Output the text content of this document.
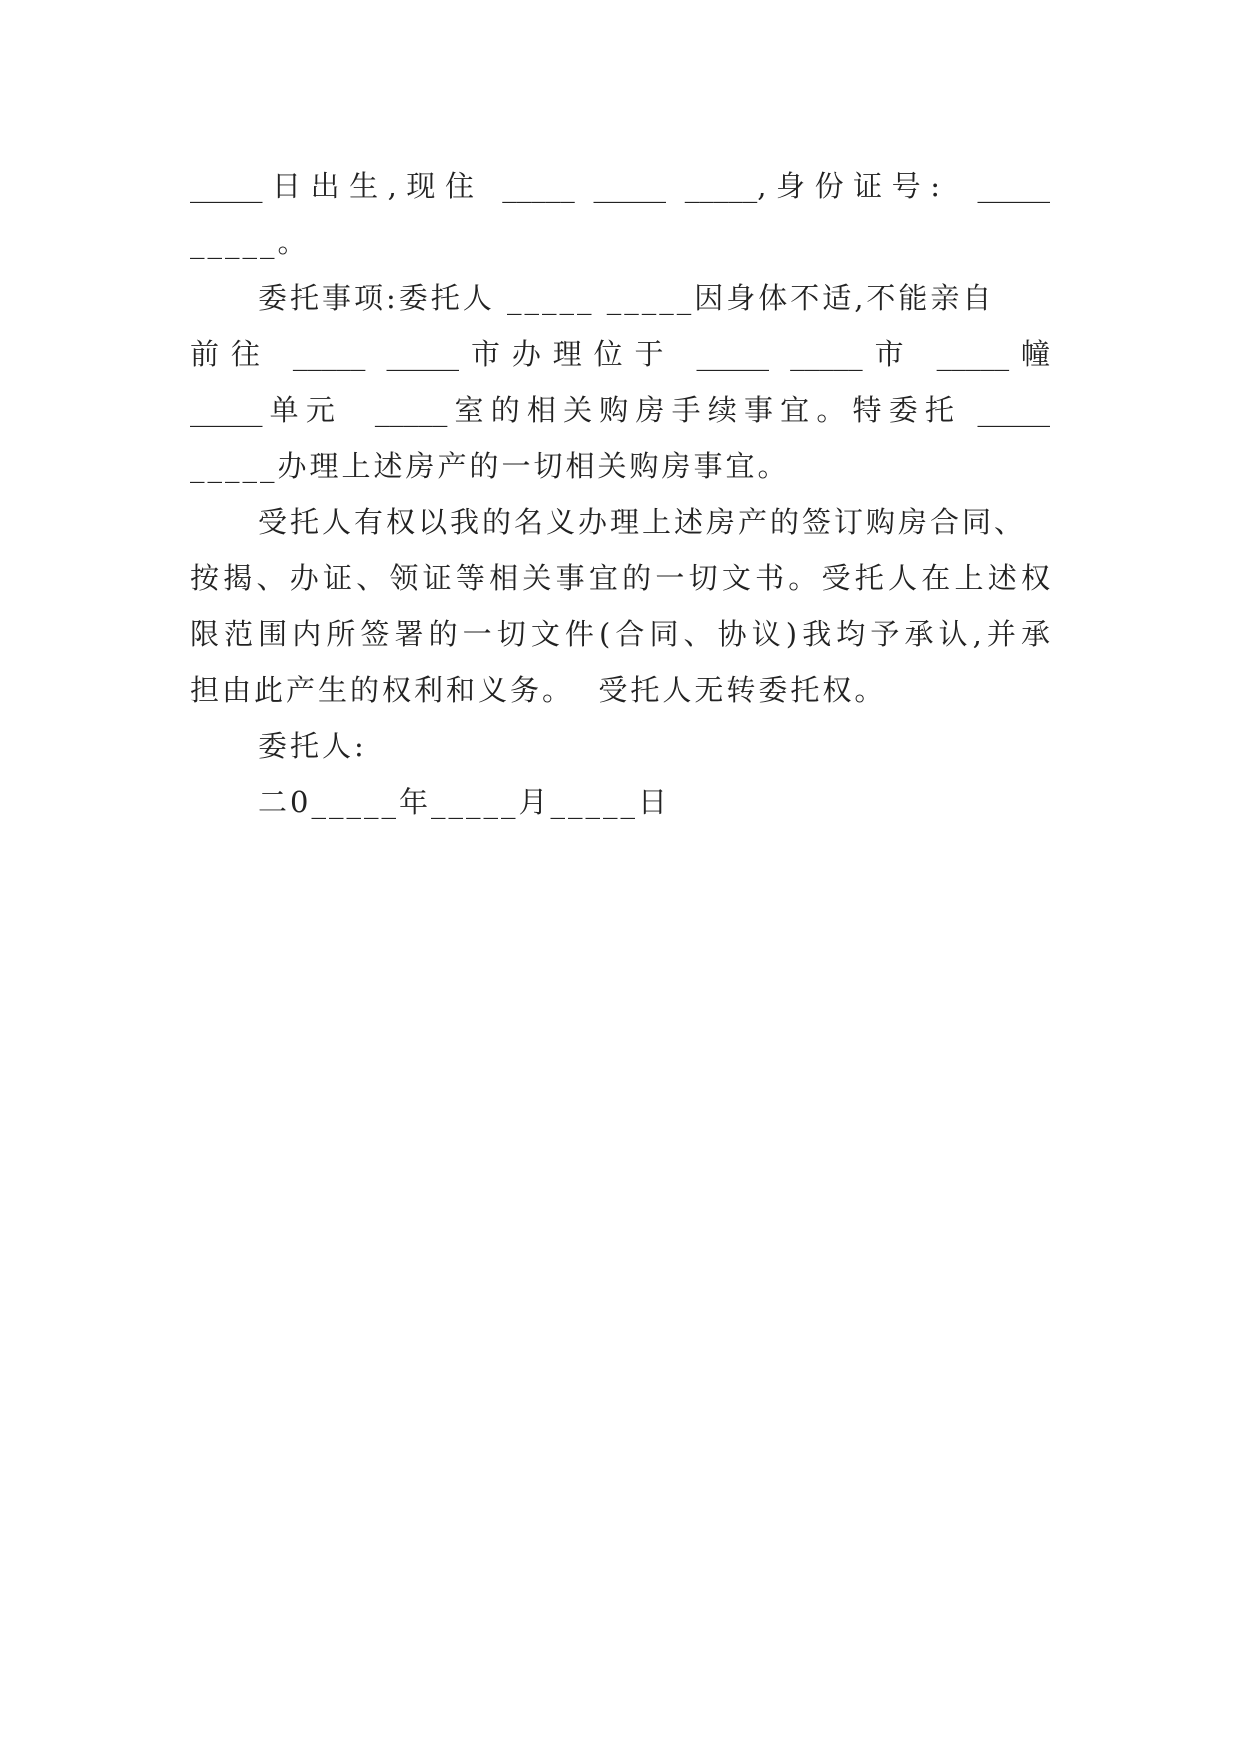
_____日出生,现住 _____ _____ _____,身份证号:  _____
_____。
委托事项:委托人 _____ _____因身体不适,不能亲自
前往 _____ _____市办理位于 _____ _____市 _____幢
_____单元  _____室的相关购房手续事宜。特委托 _____
_____办理上述房产的一切相关购房事宜。
受托人有权以我的名义办理上述房产的签订购房合同、
按揭、办证、领证等相关事宜的一切文书。受托人在上述权
限范围内所签署的一切文件(合同、协议)我均予承认,并承
担由此产生的权利和义务。  受托人无转委托权。
委托人:
二0_____年_____月_____日
